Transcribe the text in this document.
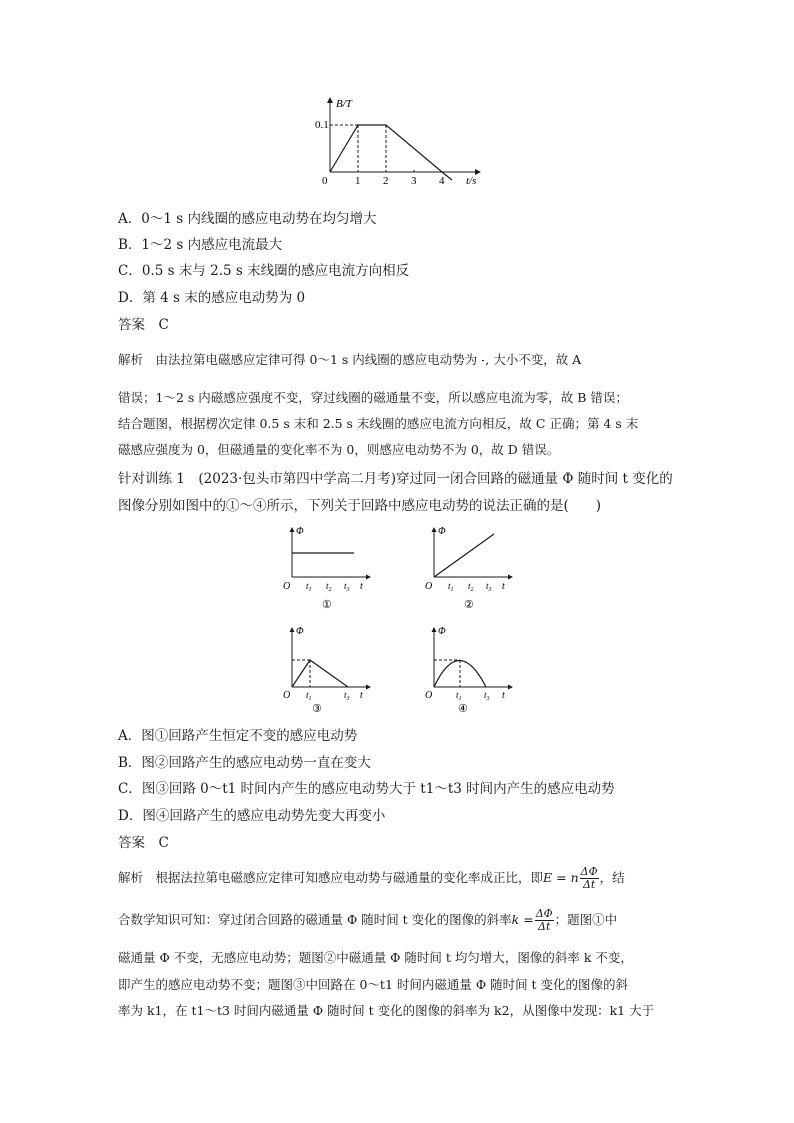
B/T
0.1
0	1 2 3 4 t/s
A．0～1 s 内线圈的感应电动势在均匀增大
B．1～2 s 内感应电流最大
C．0.5 s 末与 2.5 s 末线圈的感应电流方向相反
D．第 4 s 末的感应电动势为 0
答案　 C
解析　 由法拉第电磁感应定律可得 0～1 s 内线圈的感应电动势为 , 大小不变，故 A
错误；1～2 s 内磁感应强度不变，穿过线圈的磁通量不变，所以感应电流为零，故 B 错误；
结合题图，根据楞次定律 0.5 s 末和 2.5 s 末线圈的感应电流方向相反，故 C 正确；第 4 s 末
磁感应强度为 0，但磁通量的变化率不为 0，则感应电动势不为 0，故 D 错误。
针对训练 1　(2023·包头市第四中学高二月考)穿过同一闭合回路的磁通量 Φ 随时间 t 变化的
图像分别如图中的①～④所示，下列关于回路中感应电动势的说法正确的是(　　)
Φ
O $t_1$ $t_2$ $t_3$ t
①
Φ
O $t_1$ $t_2$ $t_3$ t
②
Φ
O $t_1$	$t_3$ t
③
Φ
O	$t_1$ $t_3$ t
④
A．图①回路产生恒定不变的感应电动势
B．图②回路产生的感应电动势一直在变大
C．图③回路 0～t1 时间内产生的感应电动势大于 t1～t3 时间内产生的感应电动势
D．图④回路产生的感应电动势先变大再变小
答案　 C
解析　 根据法拉第电磁感应定律可知感应电动势与磁通量的变化率成正比，即E = n $\frac{\Delta\Phi}{\Delta t}$ ，结
合数学知识可知：穿过闭合回路的磁通量 Φ 随时间 t 变化的图像的斜率$k = \frac{\Delta\Phi}{\Delta t}$ ；题图①中
磁通量 Φ 不变，无感应电动势；题图②中磁通量 Φ 随时间 t 均匀增大，图像的斜率 k 不变，
即产生的感应电动势不变；题图③中回路在 0～t1 时间内磁通量 Φ 随时间 t 变化的图像的斜
率为 k1，在 t1～t3 时间内磁通量 Φ 随时间 t 变化的图像的斜率为 k2，从图像中发现：k1 大于
